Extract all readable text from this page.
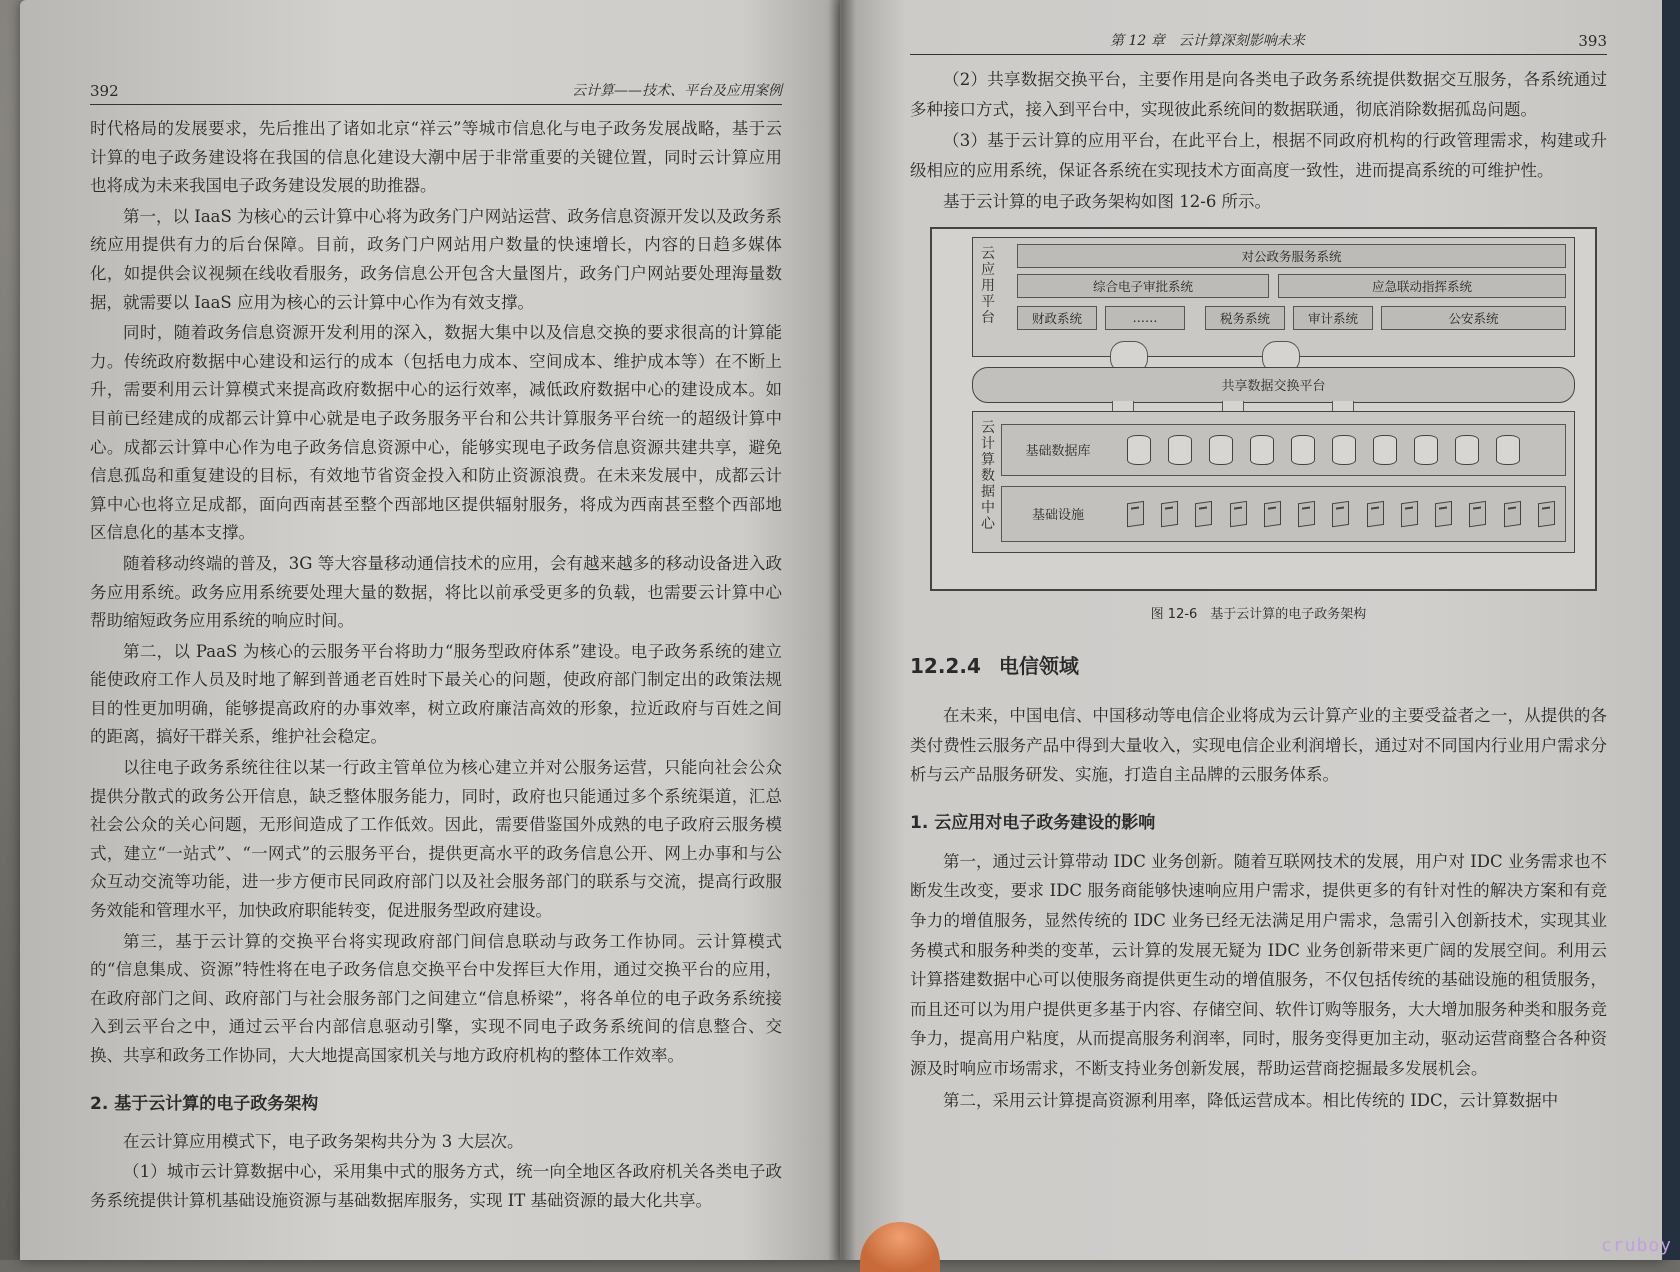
392	云计算——技术、平台及应用案例

时代格局的发展要求，先后推出了诸如北京“祥云”等城市信息化与电子政务发展战略，基于云计算的电子政务建设将在我国的信息化建设大潮中居于非常重要的关键位置，同时云计算应用也将成为未来我国电子政务建设发展的助推器。

第一，以 IaaS 为核心的云计算中心将为政务门户网站运营、政务信息资源开发以及政务系统应用提供有力的后台保障。目前，政务门户网站用户数量的快速增长，内容的日趋多媒体化，如提供会议视频在线收看服务，政务信息公开包含大量图片，政务门户网站要处理海量数据，就需要以 IaaS 应用为核心的云计算中心作为有效支撑。

同时，随着政务信息资源开发利用的深入，数据大集中以及信息交换的要求很高的计算能力。传统政府数据中心建设和运行的成本（包括电力成本、空间成本、维护成本等）在不断上升，需要利用云计算模式来提高政府数据中心的运行效率，减低政府数据中心的建设成本。如目前已经建成的成都云计算中心就是电子政务服务平台和公共计算服务平台统一的超级计算中心。成都云计算中心作为电子政务信息资源中心，能够实现电子政务信息资源共建共享，避免信息孤岛和重复建设的目标，有效地节省资金投入和防止资源浪费。在未来发展中，成都云计算中心也将立足成都，面向西南甚至整个西部地区提供辐射服务，将成为西南甚至整个西部地区信息化的基本支撑。

随着移动终端的普及，3G 等大容量移动通信技术的应用，会有越来越多的移动设备进入政务应用系统。政务应用系统要处理大量的数据，将比以前承受更多的负载，也需要云计算中心帮助缩短政务应用系统的响应时间。

第二，以 PaaS 为核心的云服务平台将助力“服务型政府体系”建设。电子政务系统的建立能使政府工作人员及时地了解到普通老百姓时下最关心的问题，使政府部门制定出的政策法规目的性更加明确，能够提高政府的办事效率，树立政府廉洁高效的形象，拉近政府与百姓之间的距离，搞好干群关系，维护社会稳定。

以往电子政务系统往往以某一行政主管单位为核心建立并对公服务运营，只能向社会公众提供分散式的政务公开信息，缺乏整体服务能力，同时，政府也只能通过多个系统渠道，汇总社会公众的关心问题，无形间造成了工作低效。因此，需要借鉴国外成熟的电子政府云服务模式，建立“一站式”、“一网式”的云服务平台，提供更高水平的政务信息公开、网上办事和与公众互动交流等功能，进一步方便市民同政府部门以及社会服务部门的联系与交流，提高行政服务效能和管理水平，加快政府职能转变，促进服务型政府建设。

第三，基于云计算的交换平台将实现政府部门间信息联动与政务工作协同。云计算模式的“信息集成、资源”特性将在电子政务信息交换平台中发挥巨大作用，通过交换平台的应用，在政府部门之间、政府部门与社会服务部门之间建立“信息桥梁”，将各单位的电子政务系统接入到云平台之中，通过云平台内部信息驱动引擎，实现不同电子政务系统间的信息整合、交换、共享和政务工作协同，大大地提高国家机关与地方政府机构的整体工作效率。

2. 基于云计算的电子政务架构

在云计算应用模式下，电子政务架构共分为 3 大层次。

（1）城市云计算数据中心，采用集中式的服务方式，统一向全地区各政府机关各类电子政务系统提供计算机基础设施资源与基础数据库服务，实现 IT 基础资源的最大化共享。

第 12 章　云计算深刻影响未来	393

（2）共享数据交换平台，主要作用是向各类电子政务系统提供数据交互服务，各系统通过多种接口方式，接入到平台中，实现彼此系统间的数据联通，彻底消除数据孤岛问题。

（3）基于云计算的应用平台，在此平台上，根据不同政府机构的行政管理需求，构建或升级相应的应用系统，保证各系统在实现技术方面高度一致性，进而提高系统的可维护性。

基于云计算的电子政务架构如图 12-6 所示。

云应用平台
对公政务服务系统
综合电子审批系统	应急联动指挥系统
财政系统	……	税务系统	审计系统	公安系统
共享数据交换平台
云计算数据中心
基础数据库
基础设施

图 12-6　基于云计算的电子政务架构

12.2.4 电信领域

在未来，中国电信、中国移动等电信企业将成为云计算产业的主要受益者之一，从提供的各类付费性云服务产品中得到大量收入，实现电信企业利润增长，通过对不同国内行业用户需求分析与云产品服务研发、实施，打造自主品牌的云服务体系。

1. 云应用对电子政务建设的影响

第一，通过云计算带动 IDC 业务创新。随着互联网技术的发展，用户对 IDC 业务需求也不断发生改变，要求 IDC 服务商能够快速响应用户需求，提供更多的有针对性的解决方案和有竞争力的增值服务，显然传统的 IDC 业务已经无法满足用户需求，急需引入创新技术，实现其业务模式和服务种类的变革，云计算的发展无疑为 IDC 业务创新带来更广阔的发展空间。利用云计算搭建数据中心可以使服务商提供更生动的增值服务，不仅包括传统的基础设施的租赁服务，而且还可以为用户提供更多基于内容、存储空间、软件订购等服务，大大增加服务种类和服务竞争力，提高用户粘度，从而提高服务利润率，同时，服务变得更加主动，驱动运营商整合各种资源及时响应市场需求，不断支持业务创新发展，帮助运营商挖掘最多发展机会。

第二，采用云计算提高资源利用率，降低运营成本。相比传统的 IDC，云计算数据中

cruboy
